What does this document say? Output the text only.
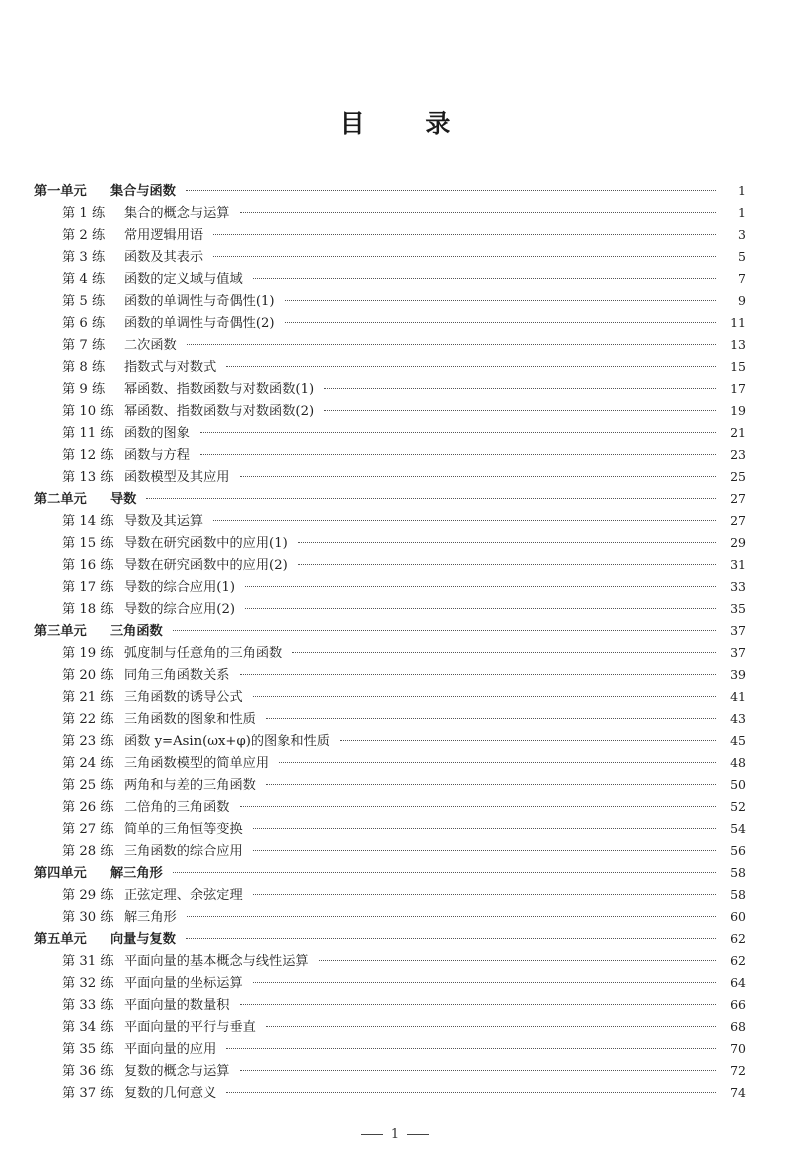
目 录
第一单元	集合与函数	1
第 1 练	集合的概念与运算	1
第 2 练	常用逻辑用语	3
第 3 练	函数及其表示	5
第 4 练	函数的定义域与值域	7
第 5 练	函数的单调性与奇偶性(1)	9
第 6 练	函数的单调性与奇偶性(2)	11
第 7 练	二次函数	13
第 8 练	指数式与对数式	15
第 9 练	幂函数、指数函数与对数函数(1)	17
第 10 练 幂函数、指数函数与对数函数(2)	19
第 11 练 函数的图象	21
第 12 练 函数与方程	23
第 13 练 函数模型及其应用	25
第二单元	导数	27
第 14 练 导数及其运算	27
第 15 练 导数在研究函数中的应用(1)	29
第 16 练 导数在研究函数中的应用(2)	31
第 17 练 导数的综合应用(1)	33
第 18 练 导数的综合应用(2)	35
第三单元	三角函数	37
第 19 练 弧度制与任意角的三角函数	37
第 20 练 同角三角函数关系	39
第 21 练 三角函数的诱导公式	41
第 22 练 三角函数的图象和性质	43
第 23 练 函数 y=Asin(ωx+φ)的图象和性质	45
第 24 练 三角函数模型的简单应用	48
第 25 练 两角和与差的三角函数	50
第 26 练 二倍角的三角函数	52
第 27 练 简单的三角恒等变换	54
第 28 练 三角函数的综合应用	56
第四单元	解三角形	58
第 29 练 正弦定理、余弦定理	58
第 30 练 解三角形	60
第五单元	向量与复数	62
第 31 练 平面向量的基本概念与线性运算	62
第 32 练 平面向量的坐标运算	64
第 33 练 平面向量的数量积	66
第 34 练 平面向量的平行与垂直	68
第 35 练 平面向量的应用	70
第 36 练 复数的概念与运算	72
第 37 练 复数的几何意义	74
1
